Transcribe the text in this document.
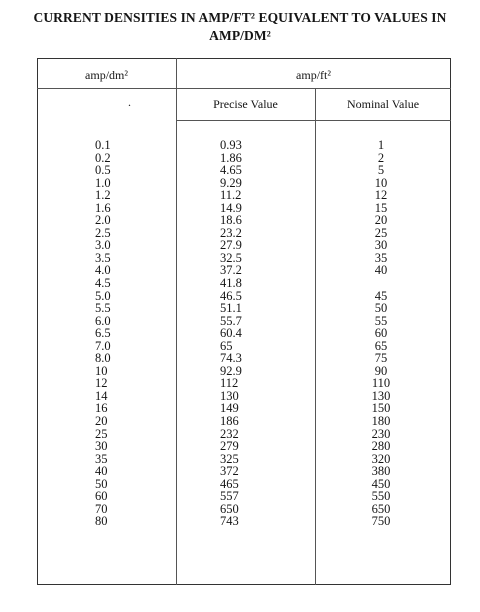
CURRENT DENSITIES IN AMP/FT² EQUIVALENT TO VALUES IN
AMP/DM²
amp/dm²	amp/ft²
Precise Value	Nominal Value
.
0.1
0.2
0.5
1.0
1.2
1.6
2.0
2.5
3.0
3.5
4.0
4.5
5.0
5.5
6.0
6.5
7.0
8.0
10
12
14
16
20
25
30
35
40
50
60
70
80
0.93
1.86
4.65
9.29
11.2
14.9
18.6
23.2
27.9
32.5
37.2
41.8
46.5
51.1
55.7
60.4
65
74.3
92.9
112
130
149
186
232
279
325
372
465
557
650
743
1
2
5
10
12
15
20
25
30
35
40
45
50
55
60
65
75
90
110
130
150
180
230
280
320
380
450
550
650
750
